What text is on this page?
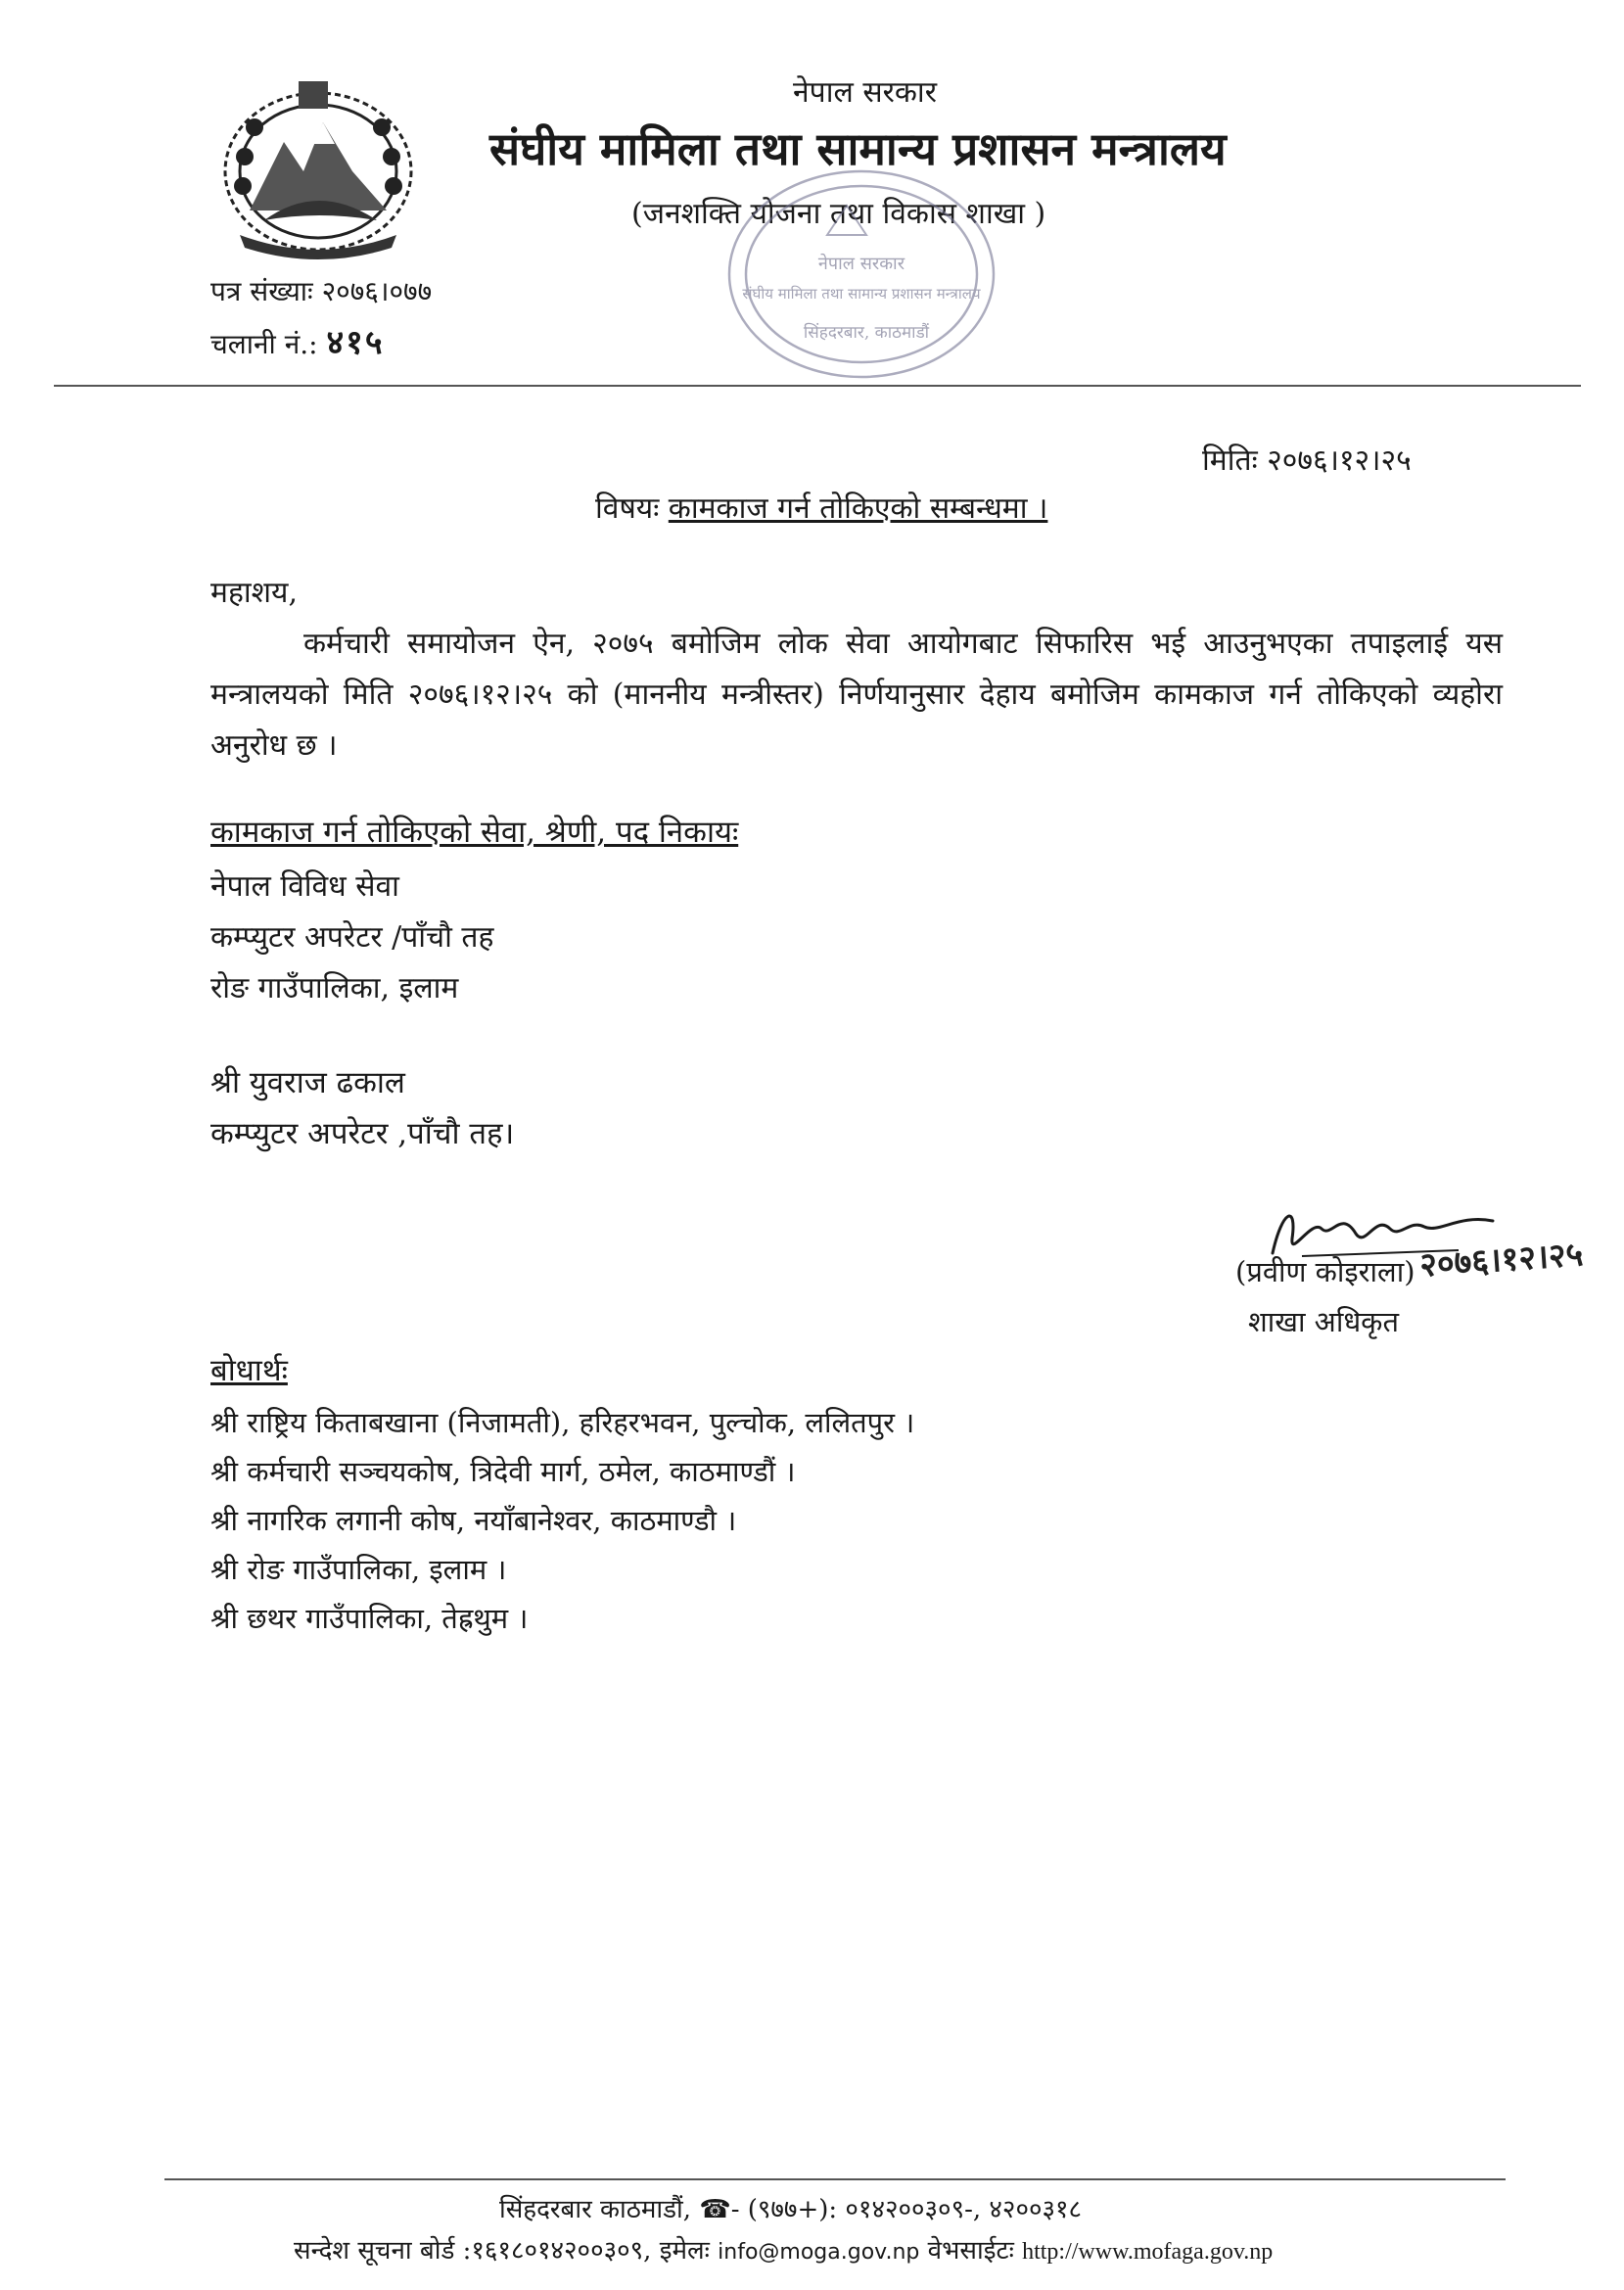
नेपाल सरकार
संघीय मामिला तथा सामान्य प्रशासन मन्त्रालय
(जनशक्ति योजना तथा विकास शाखा )
नेपाल सरकार
संघीय मामिला तथा सामान्य प्रशासन मन्त्रालय
सिंहदरबार, काठमाडौं
पत्र संख्याः २०७६।०७७
चलानी नं.: ४१५
मितिः २०७६।१२।२५
विषयः कामकाज गर्न तोकिएको सम्बन्धमा ।
महाशय,
कर्मचारी समायोजन ऐन, २०७५ बमोजिम लोक सेवा आयोगबाट सिफारिस भई आउनुभएका तपाइलाई यस मन्त्रालयको मिति २०७६।१२।२५ को (माननीय मन्त्रीस्तर) निर्णयानुसार देहाय बमोजिम कामकाज गर्न तोकिएको व्यहोरा अनुरोध छ ।
कामकाज गर्न तोकिएको सेवा, श्रेणी, पद निकायः
नेपाल विविध सेवा
कम्प्युटर अपरेटर /पाँचौ तह
रोङ गाउँपालिका, इलाम
श्री युवराज ढकाल
कम्प्युटर अपरेटर ,पाँचौ तह।
(प्रवीण कोइराला) २०७६।१२।२५
शाखा अधिकृत
बोधार्थः
श्री राष्ट्रिय किताबखाना (निजामती), हरिहरभवन, पुल्चोक, ललितपुर ।
श्री कर्मचारी सञ्चयकोष, त्रिदेवी मार्ग, ठमेल, काठमाण्डौं ।
श्री नागरिक लगानी कोष, नयाँबानेश्वर, काठमाण्डौ ।
श्री रोङ गाउँपालिका, इलाम ।
श्री छथर गाउँपालिका, तेह्रथुम ।
सिंहदरबार काठमाडौं, ☎- (९७७+): ०१४२००३०९-, ४२००३१८
सन्देश सूचना बोर्ड :१६१८०१४२००३०९, इमेलः info@moga.gov.np वेभसाईटः http://www.mofaga.gov.np
